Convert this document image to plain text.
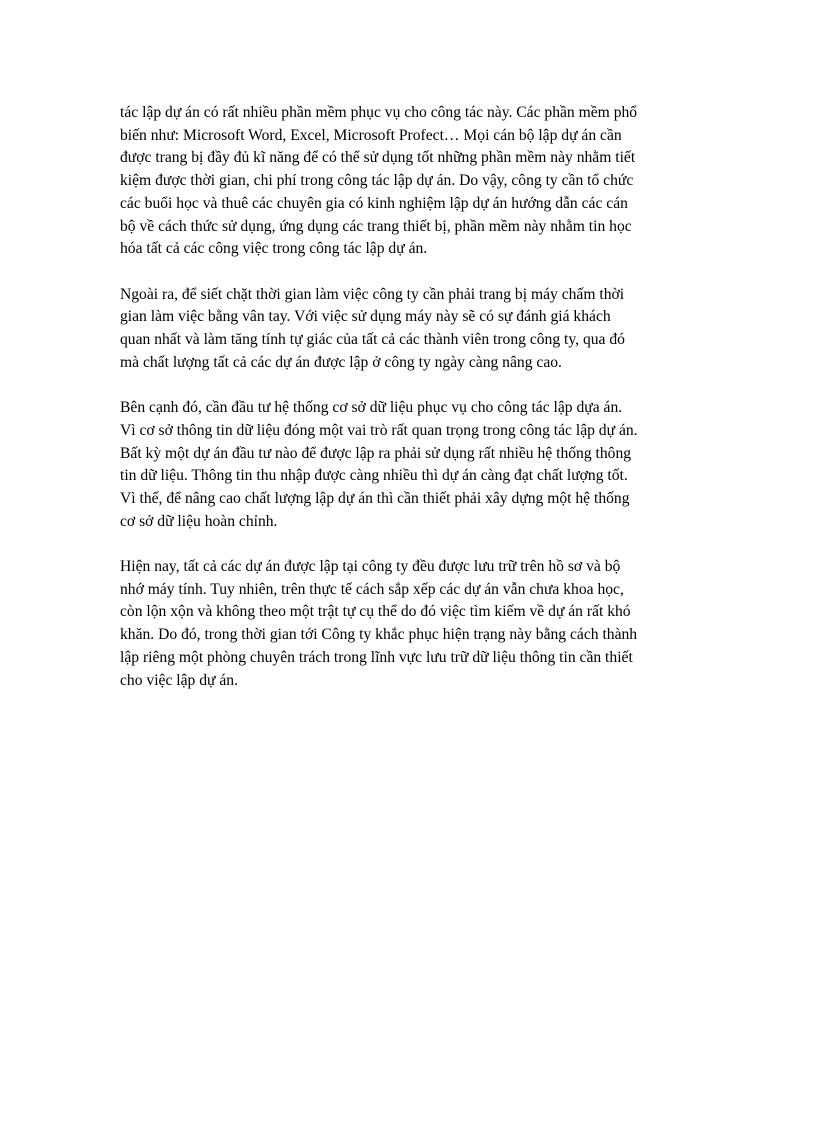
tác lập dự án có rất nhiều phần mềm phục vụ cho công tác này. Các phần mềm phổ
biến như: Microsoft Word, Excel, Microsoft Profect… Mọi cán bộ lập dự án cần
được trang bị đầy đủ kĩ năng để có thể sử dụng tốt những phần mềm này nhằm tiết
kiệm được thời gian, chi phí trong công tác lập dự án. Do vậy, công ty cần tổ chức
các buổi học và thuê các chuyên gia có kinh nghiệm lập dự án hướng dẫn các cán
bộ về cách thức sử dụng, ứng dụng các trang thiết bị, phần mềm này nhằm tin học
hóa tất cả các công việc trong công tác lập dự án.

Ngoài ra, để siết chặt thời gian làm việc công ty cần phải trang bị máy chấm thời
gian làm việc bằng vân tay. Với việc sử dụng máy này sẽ có sự đánh giá khách
quan nhất và làm tăng tính tự giác của tất cả các thành viên trong công ty, qua đó
mà chất lượng tất cả các dự án được lập ở công ty ngày càng nâng cao.

Bên cạnh đó, cần đầu tư hệ thống cơ sở dữ liệu phục vụ cho công tác lập dựa án.
Vì cơ sở thông tin dữ liệu đóng một vai trò rất quan trọng trong công tác lập dự án.
Bất kỳ một dự án đầu tư nào để được lập ra phải sử dụng rất nhiều hệ thống thông
tin dữ liệu. Thông tin thu nhập được càng nhiều thì dự án càng đạt chất lượng tốt.
Vì thế, để nâng cao chất lượng lập dự án thì cần thiết phải xây dựng một hệ thống
cơ sở dữ liệu hoàn chỉnh.

Hiện nay, tất cả các dự án được lập tại công ty đều được lưu trữ trên hồ sơ và bộ
nhớ máy tính. Tuy nhiên, trên thực tế cách sắp xếp các dự án vẫn chưa khoa học,
còn lộn xộn và không theo một trật tự cụ thể do đó việc tìm kiếm về dự án rất khó
khăn. Do đó, trong thời gian tới Công ty khắc phục hiện trạng này bằng cách thành
lập riêng một phòng chuyên trách trong lĩnh vực lưu trữ dữ liệu thông tin cần thiết
cho việc lập dự án.
